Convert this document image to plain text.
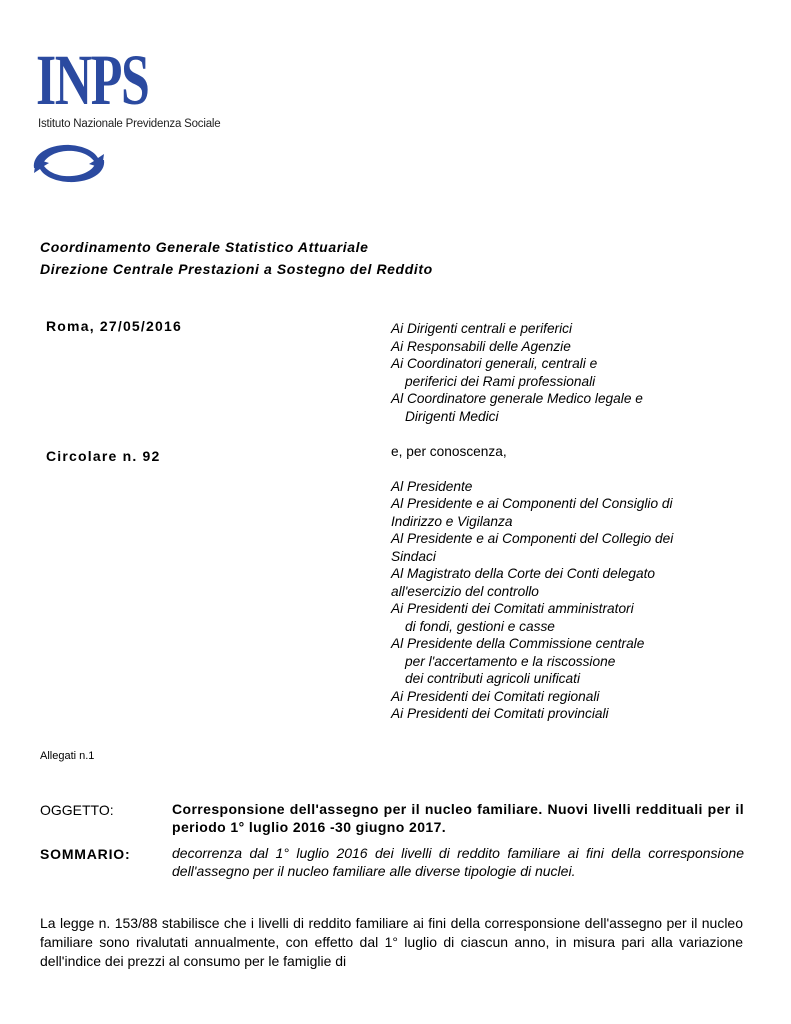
INPS
Istituto Nazionale Previdenza Sociale
Coordinamento Generale Statistico Attuariale
Direzione Centrale Prestazioni a Sostegno del Reddito
Roma, 27/05/2016
Circolare n. 92
Ai Dirigenti centrali e periferici
Ai Responsabili delle Agenzie
Ai Coordinatori generali, centrali e
periferici dei Rami professionali
Al Coordinatore generale Medico legale e
Dirigenti Medici
e, per conoscenza,
Al Presidente
Al Presidente e ai Componenti del Consiglio di
Indirizzo e Vigilanza
Al Presidente e ai Componenti del Collegio dei
Sindaci
Al Magistrato della Corte dei Conti delegato
all'esercizio del controllo
Ai Presidenti dei Comitati amministratori
di fondi, gestioni e casse
Al Presidente della Commissione centrale
per l'accertamento e la riscossione
dei contributi agricoli unificati
Ai Presidenti dei Comitati regionali
Ai Presidenti dei Comitati provinciali
Allegati n.1
OGGETTO:	Corresponsione dell'assegno per il nucleo familiare. Nuovi livelli reddituali per il periodo 1° luglio 2016 -30 giugno 2017.
SOMMARIO:	decorrenza dal 1° luglio 2016 dei livelli di reddito familiare ai fini della corresponsione dell'assegno per il nucleo familiare alle diverse tipologie di nuclei.
La legge n. 153/88 stabilisce che i livelli di reddito familiare ai fini della corresponsione dell'assegno per il nucleo familiare sono rivalutati annualmente, con effetto dal 1° luglio di ciascun anno, in misura pari alla variazione dell'indice dei prezzi al consumo per le famiglie di
